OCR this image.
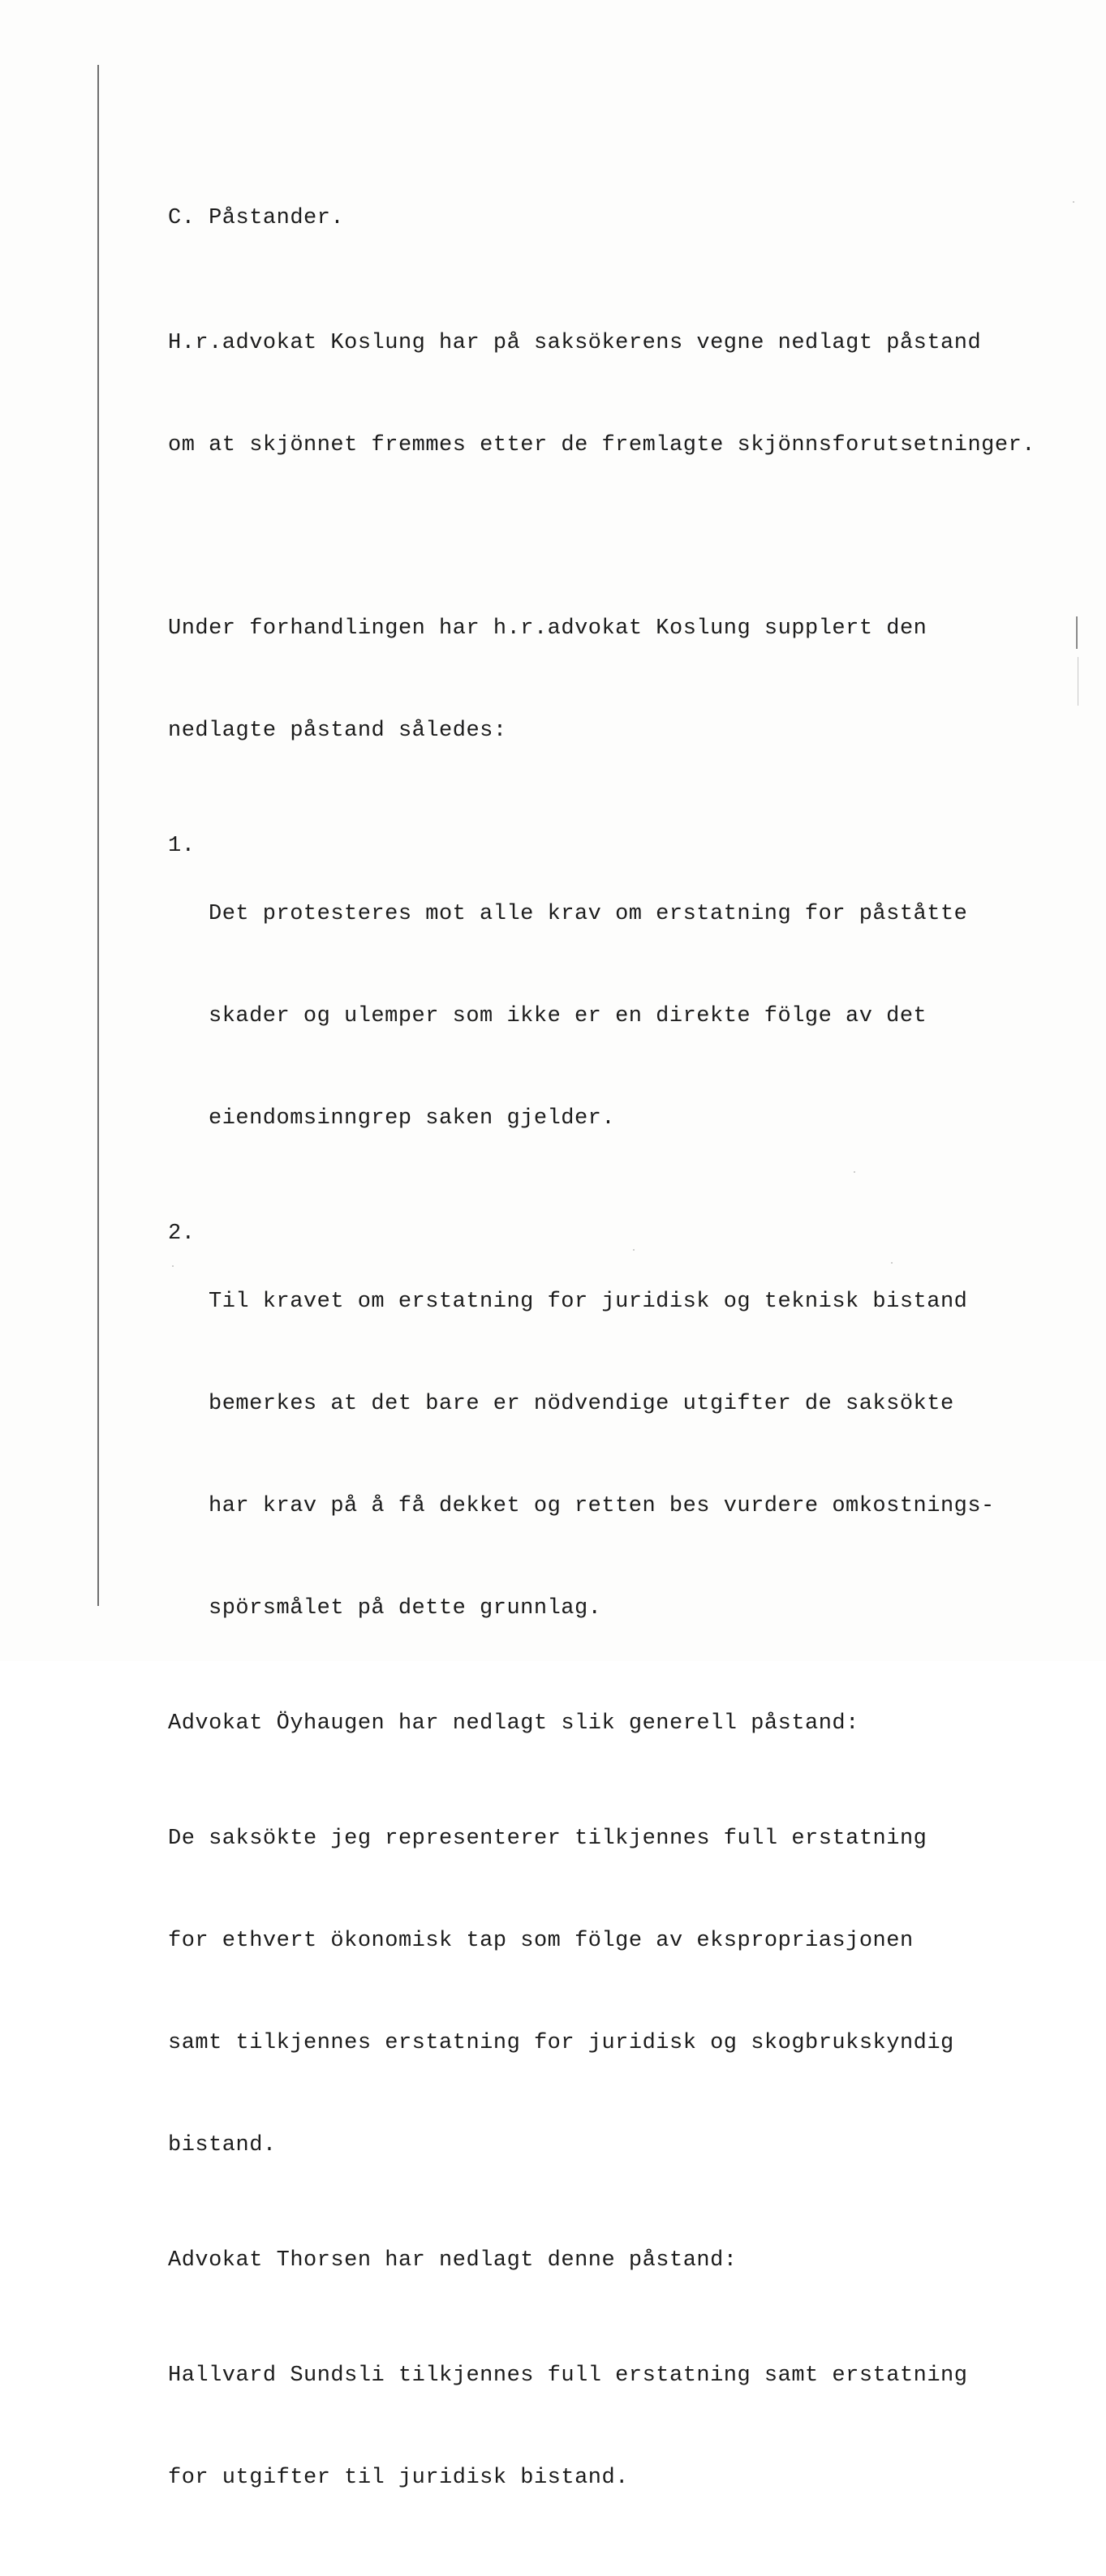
C. Påstander.

H.r.advokat Koslung har på saksökerens vegne nedlagt påstand

om at skjönnet fremmes etter de fremlagte skjönnsforutsetninger.

Under forhandlingen har h.r.advokat Koslung supplert den

nedlagte påstand således:

1.

Det protesteres mot alle krav om erstatning for påståtte

skader og ulemper som ikke er en direkte fölge av det

eiendomsinngrep saken gjelder.

2.

Til kravet om erstatning for juridisk og teknisk bistand

bemerkes at det bare er nödvendige utgifter de saksökte

har krav på å få dekket og retten bes vurdere omkostnings-

spörsmålet på dette grunnlag.

Advokat Öyhaugen har nedlagt slik generell påstand:

De saksökte jeg representerer tilkjennes full erstatning

for ethvert ökonomisk tap som fölge av ekspropriasjonen

samt tilkjennes erstatning for juridisk og skogbrukskyndig

bistand.

Advokat Thorsen har nedlagt denne påstand:

Hallvard Sundsli tilkjennes full erstatning samt erstatning

for utgifter til juridisk bistand.
